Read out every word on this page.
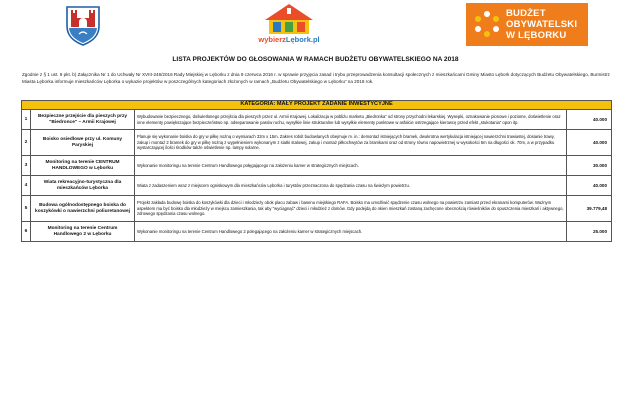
wybierzLębork.pl
BUDŻET
OBYWATELSKI
W LĘBORKU
LISTA PROJEKTÓW DO GŁOSOWANIA W RAMACH BUDŻETU OBYWATELSKIEGO NA 2018
Zgodnie z § 1 ust. 9 pkt. b) Załącznika Nr 1 do Uchwały Nr XVIII-246/2016 Rady Miejskiej w Lęborku z dnia 9 czerwca 2016 r. w sprawie przyjęcia zasad i trybu przeprowadzenia konsultacji społecznych z mieszkańcami Gminy Miasto Lębork dotyczących Budżetu Obywatelskiego, Burmistrz Miasta Lęborka informuje mieszkańców Lęborka o wykazie projektów w poszczególnych kategoriach złożonych w ramach „Budżetu Obywatelskiego w Lęborku” na 2018 rok.
KATEGORIA: MAŁY PROJEKT ZADANIE INWESTYCYJNE			
1	Bezpieczne przejście dla pieszych przy "Biedronce" – Armii Krajowej	Wybudowanie bezpiecznego, doświetlonego przejścia dla pieszych przez ul. Armii Krajowej. Lokalizacja w pobliżu marketu „Biedronka” od strony przychodni lekarskiej. Wysepki, oznakowanie pionowe i poziome, doświetlenie oraz inne elementy powiększające bezpieczeństwo np. odseparowanie pasów ruchu, wysyłkie linie strukturalne lub wysyłkie elementy punktowe w asfalcie ostrzegające kierowcę przed efekt „stukotania” opon itp.	40.000
2	Boisko osiedlowe przy ul. Komuny Paryskiej	Planuje się wykonanie boiska do gry w piłkę nożną o wymiarach 32m x 15m. Zakres robót budowlanych obejmuje m. in.: demontaż istniejących bramek, dwukrotna wertykulacja istniejącej nawierzchni trawiastej, dosianie trawy, zakup i montaż 2 bramek do gry w piłkę nożną z wypełnieniem wykonanym z siatki stalowej, zakup i montaż piłkochwytów za bramkami oraz od strony równo napowietrznej w wysokości 6m na długości ok. 70m, a w przypadku wystarczającej ilości środków także oświetlenie np. lampy solarne.	40.000
3	Monitoring na terenie CENTRUM HANDLOWEGO w Lęborku	Wykonanie monitoringu na terenie Centrum Handlowego połęgającego na założeniu kamer w strategicznych miejscach.	30.000
4	Wiata rekreacyjno-turystyczna dla mieszkańców Lęborka	Wiata z zadaszeniem wraz z miejscem ogniskowym dla mieszkańców Lęborka i turystów przeznaczona do spędzania czasu na świeżym powietrzu.	40.000
5	Budowa ogólnodostępnego boiska do koszykówki o nawierzchni poliuretanowej	Projekt zakłada budowę boiska do koszykówki dla dzieci i młodzieży obok placu zabaw i basenu miejskiego RAFA. Boisko ma umożliwić spędzenie czasu wolnego na powietrzu zamiast przed ekranami komputerów. Ważnym aspektem ma być boisko dla młodzieży w miejscu zamieszkania, tak aby "wyciągnąć" dzieci i młodzież z domów. Gdy podejdą do okien mieszkań zostaną zachęcone obecnością rówieśników do opuszczenia mieszkań i aktywnego, zdrowego spędzania czasu wolnego.	39.779,48
6	Monitoring na terenie Centrum Handlowego 2 w Lęborku	Wykonanie monitoringu na terenie Centrum Handlowego 2 polegającego na założeniu kamer w strategicznych miejscach.	25.000
